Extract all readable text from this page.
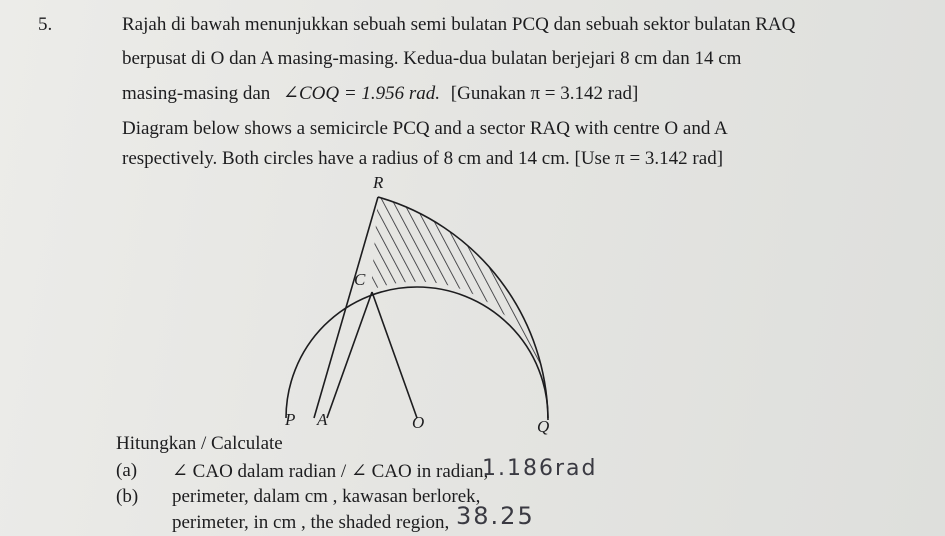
5.	Rajah di bawah menunjukkan sebuah semi bulatan PCQ dan sebuah sektor bulatan RAQ
berpusat di O dan A masing-masing. Kedua-dua bulatan berjejari 8 cm dan 14 cm
masing-masing dan ∠COQ = 1.956 rad. [Gunakan π = 3.142 rad]
Diagram below shows a semicircle PCQ and a sector RAQ with centre O and A
respectively. Both circles have a radius of 8 cm and 14 cm. [Use π = 3.142 rad]
R
C
P A	O	Q
Hitungkan / Calculate
(a) ∠ CAO dalam radian / ∠ CAO in radian,
1.186rad
(b) perimeter, dalam cm , kawasan berlorek,
perimeter, in cm , the shaded region, 38.25
